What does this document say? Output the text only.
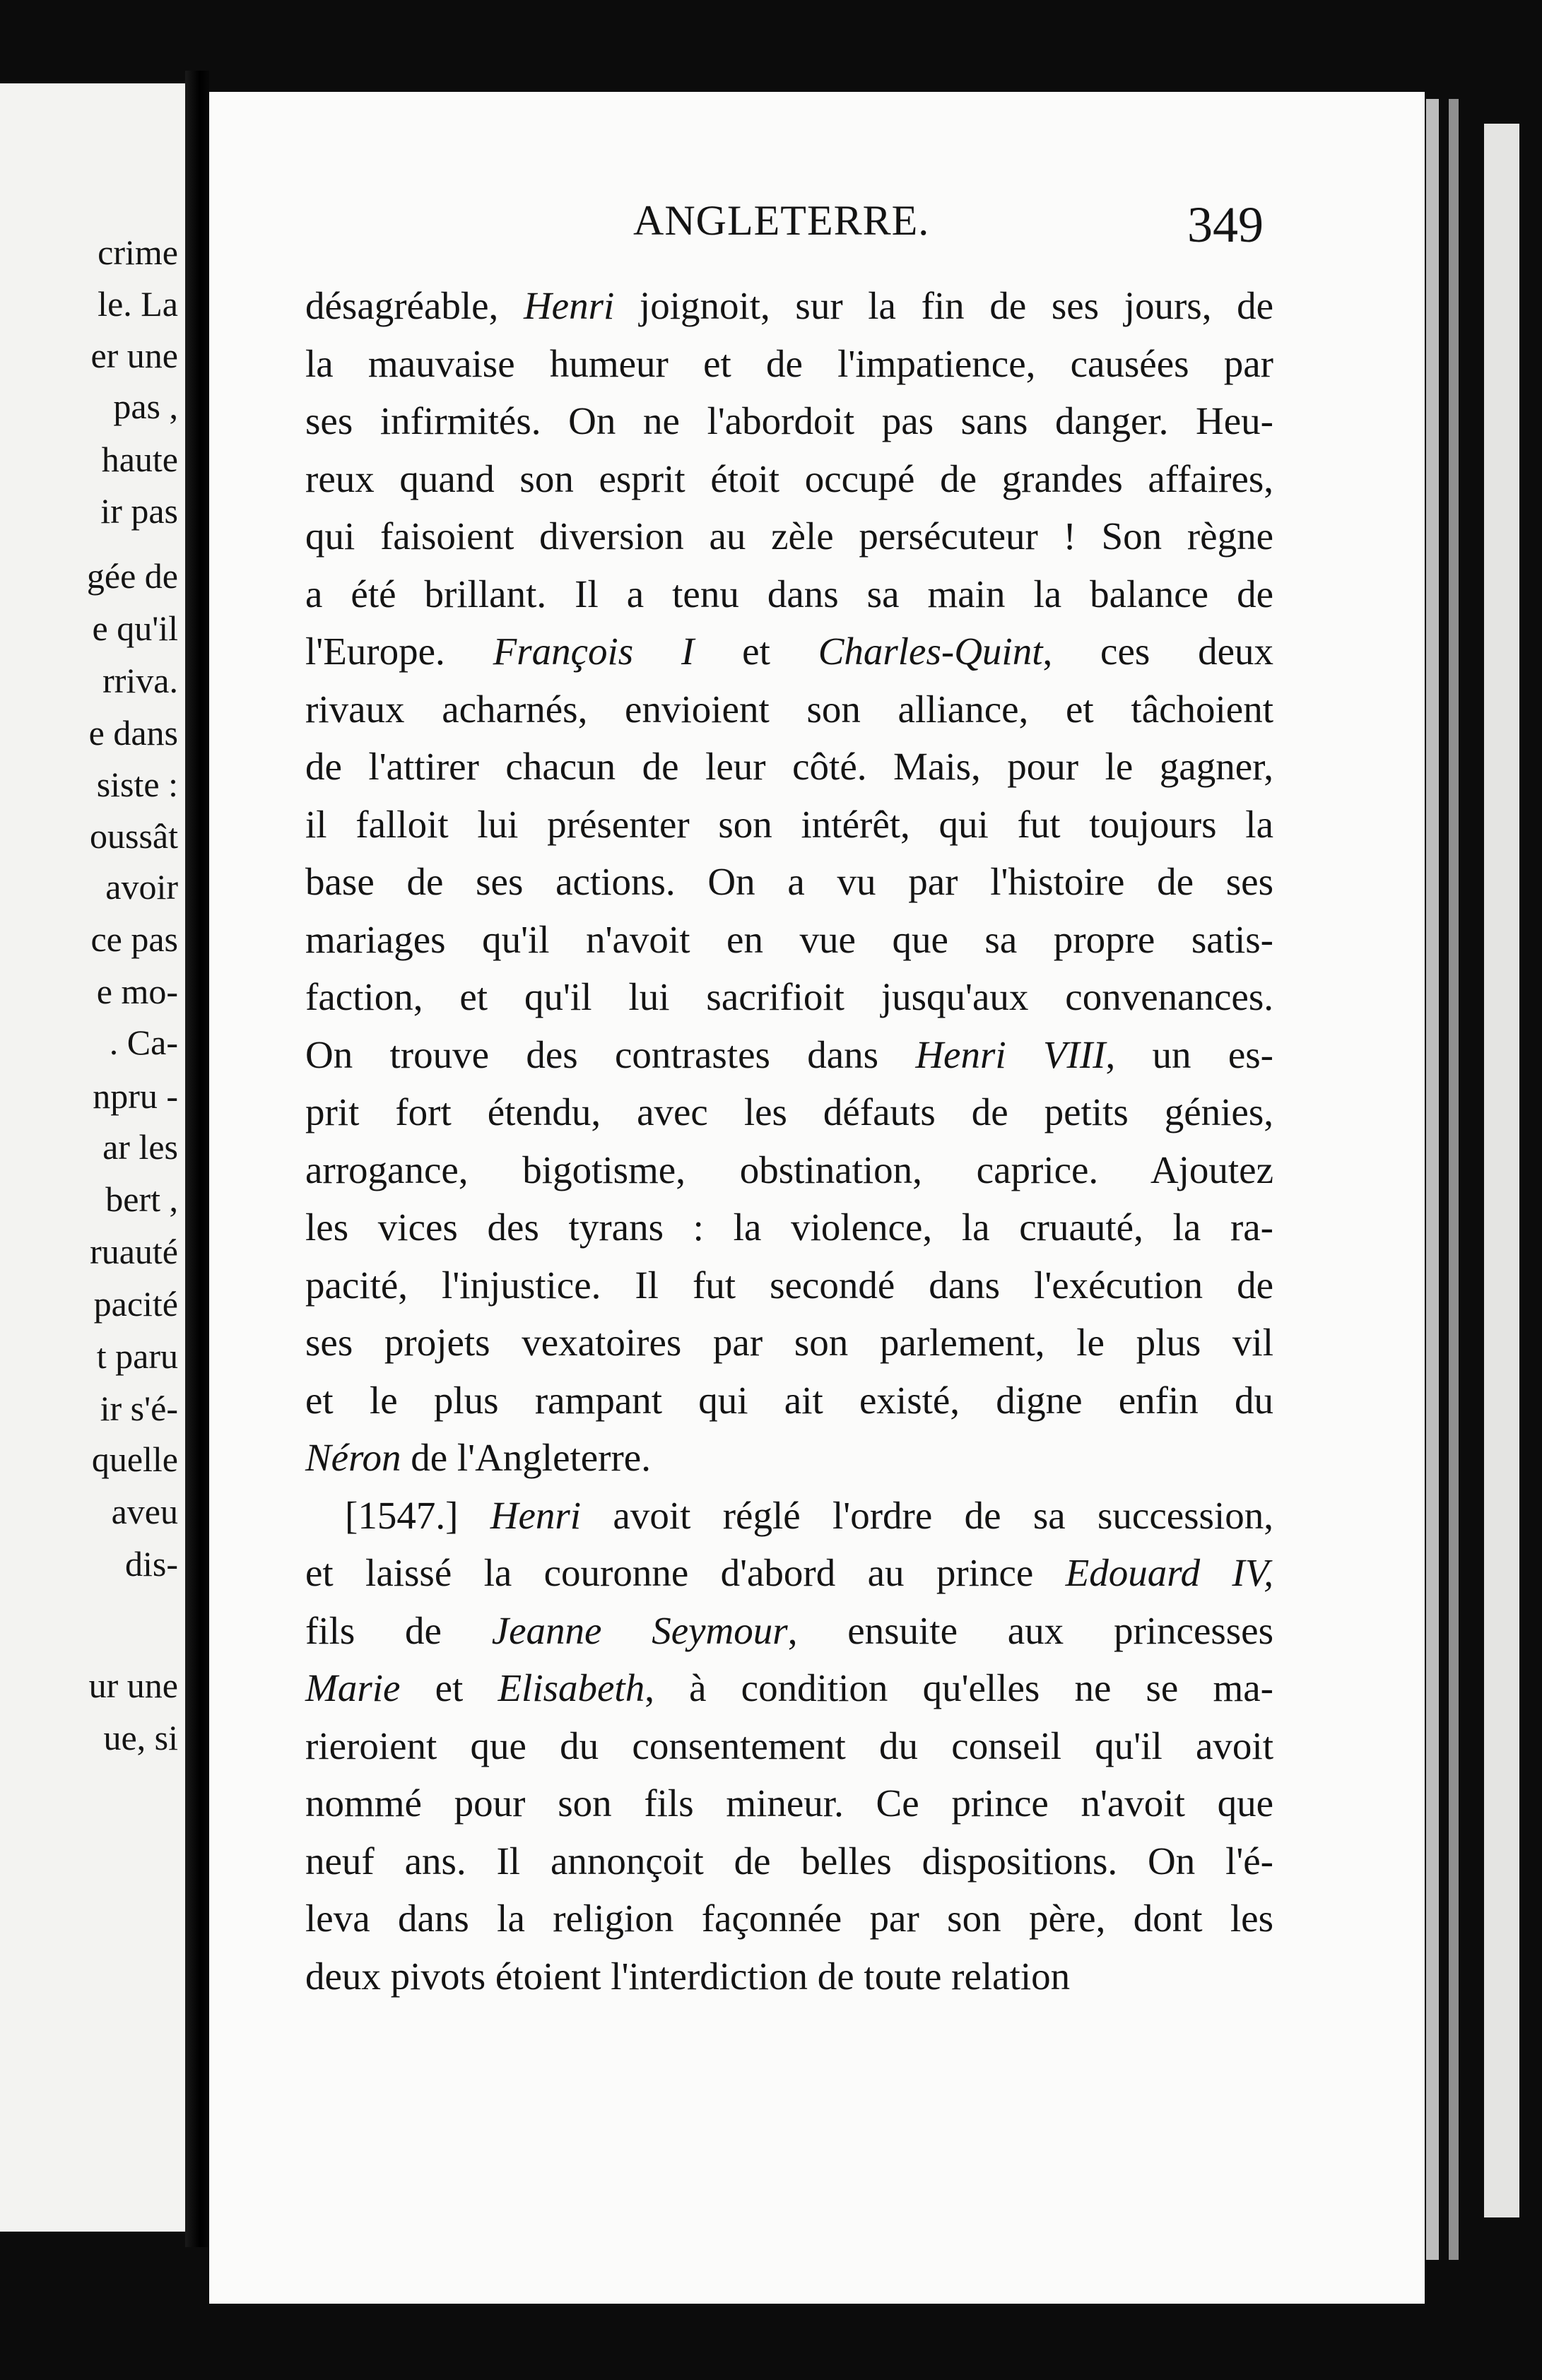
crime
le. La
er une
pas ,
haute
ir pas
gée de
e qu'il
rriva.
e dans
siste :
oussât
avoir
ce pas
e mo-
. Ca-
npru -
ar les
bert ,
ruauté
pacité
t paru
ir s'é-
quelle
aveu
dis-
ur une
ue, si
ANGLETERRE.	349
désagréable, Henri joignoit, sur la fin de ses jours, de
la mauvaise humeur et de l'impatience, causées par
ses infirmités. On ne l'abordoit pas sans danger. Heu-
reux quand son esprit étoit occupé de grandes affaires,
qui faisoient diversion au zèle persécuteur ! Son règne
a été brillant. Il a tenu dans sa main la balance de
l'Europe. François I et Charles-Quint, ces deux
rivaux acharnés, envioient son alliance, et tâchoient
de l'attirer chacun de leur côté. Mais, pour le gagner,
il falloit lui présenter son intérêt, qui fut toujours la
base de ses actions. On a vu par l'histoire de ses
mariages qu'il n'avoit en vue que sa propre satis-
faction, et qu'il lui sacrifioit jusqu'aux convenances.
On trouve des contrastes dans Henri VIII, un es-
prit fort étendu, avec les défauts de petits génies,
arrogance, bigotisme, obstination, caprice. Ajoutez
les vices des tyrans : la violence, la cruauté, la ra-
pacité, l'injustice. Il fut secondé dans l'exécution de
ses projets vexatoires par son parlement, le plus vil
et le plus rampant qui ait existé, digne enfin du
Néron de l'Angleterre.
[1547.] Henri avoit réglé l'ordre de sa succession,
et laissé la couronne d'abord au prince Edouard IV,
fils de Jeanne Seymour, ensuite aux princesses
Marie et Elisabeth, à condition qu'elles ne se ma-
rieroient que du consentement du conseil qu'il avoit
nommé pour son fils mineur. Ce prince n'avoit que
neuf ans. Il annonçoit de belles dispositions. On l'é-
leva dans la religion façonnée par son père, dont les
deux pivots étoient l'interdiction de toute relation
